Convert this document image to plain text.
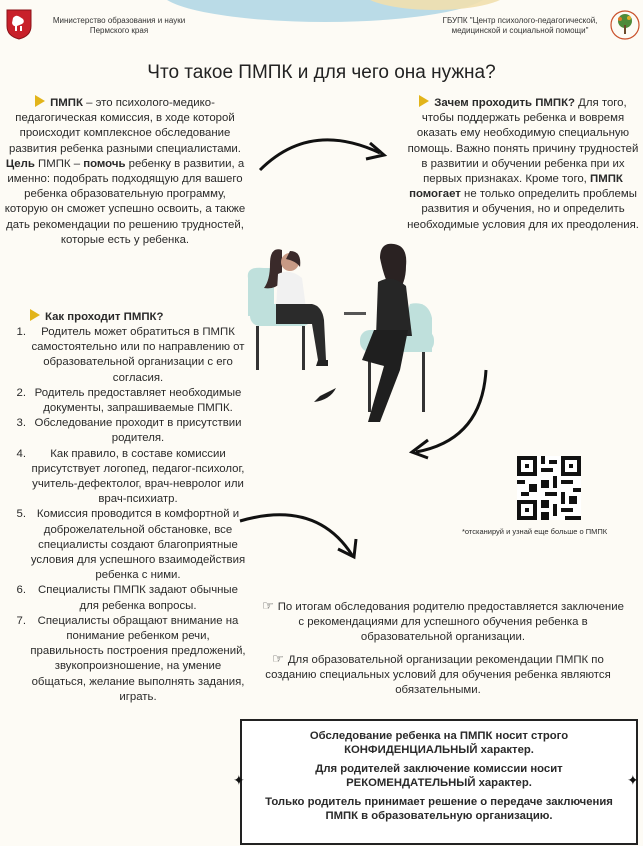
Министерство образования и науки
Пермского края
ГБУПК "Центр психолого-педагогической,
медицинской и социальной помощи"
Что такое ПМПК и для чего она нужна?
ПМПК – это психолого-медико-педагогическая комиссия, в ходе которой происходит комплексное обследование развития ребенка разными специалистами.
Цель ПМПК – помочь ребенку в развитии, а именно: подобрать подходящую для вашего ребенка образовательную программу, которую он сможет успешно освоить, а также дать рекомендации по решению трудностей, которые есть у ребенка.
Как проходит ПМПК?
1.	Родитель может обратиться в ПМПК самостоятельно или по направлению от образовательной организации с его согласия.
2. Родитель предоставляет необходимые документы, запрашиваемые ПМПК.
3. Обследование проходит в присутствии родителя.
4.	Как правило, в составе комиссии присутствует логопед, педагог-психолог, учитель-дефектолог, врач-невролог или врач-психиатр.
5. Комиссия проводится в комфортной и доброжелательной обстановке, все специалисты создают благоприятные условия для успешного взаимодействия ребенка с ними.
6.	Специалисты ПМПК задают обычные для ребенка вопросы.
7.	Специалисты обращают внимание на понимание ребенком речи, правильность построения предложений, звукопроизношение, на умение общаться, желание выполнять задания, играть.
Зачем проходить ПМПК? Для того, чтобы поддержать ребенка и вовремя оказать ему необходимую специальную помощь. Важно понять причину трудностей в развитии и обучении ребенка при их первых признаках. Кроме того, ПМПК помогает не только определить проблемы развития и обучения, но и определить необходимые условия для их преодоления.
*отсканируй и узнай еще больше о ПМПК
☞ По итогам обследования родителю предоставляется заключение с рекомендациями для успешного обучения ребенка в образовательной организации.
☞ Для образовательной организации рекомендации ПМПК по созданию специальных условий для обучения ребенка являются обязательными.
Обследование ребенка на ПМПК носит строго КОНФИДЕНЦИАЛЬНЫЙ характер.
Для родителей заключение комиссии носит РЕКОМЕНДАТЕЛЬНЫЙ характер.
Только родитель принимает решение о передаче заключения ПМПК в образовательную организацию.
✦	✦
